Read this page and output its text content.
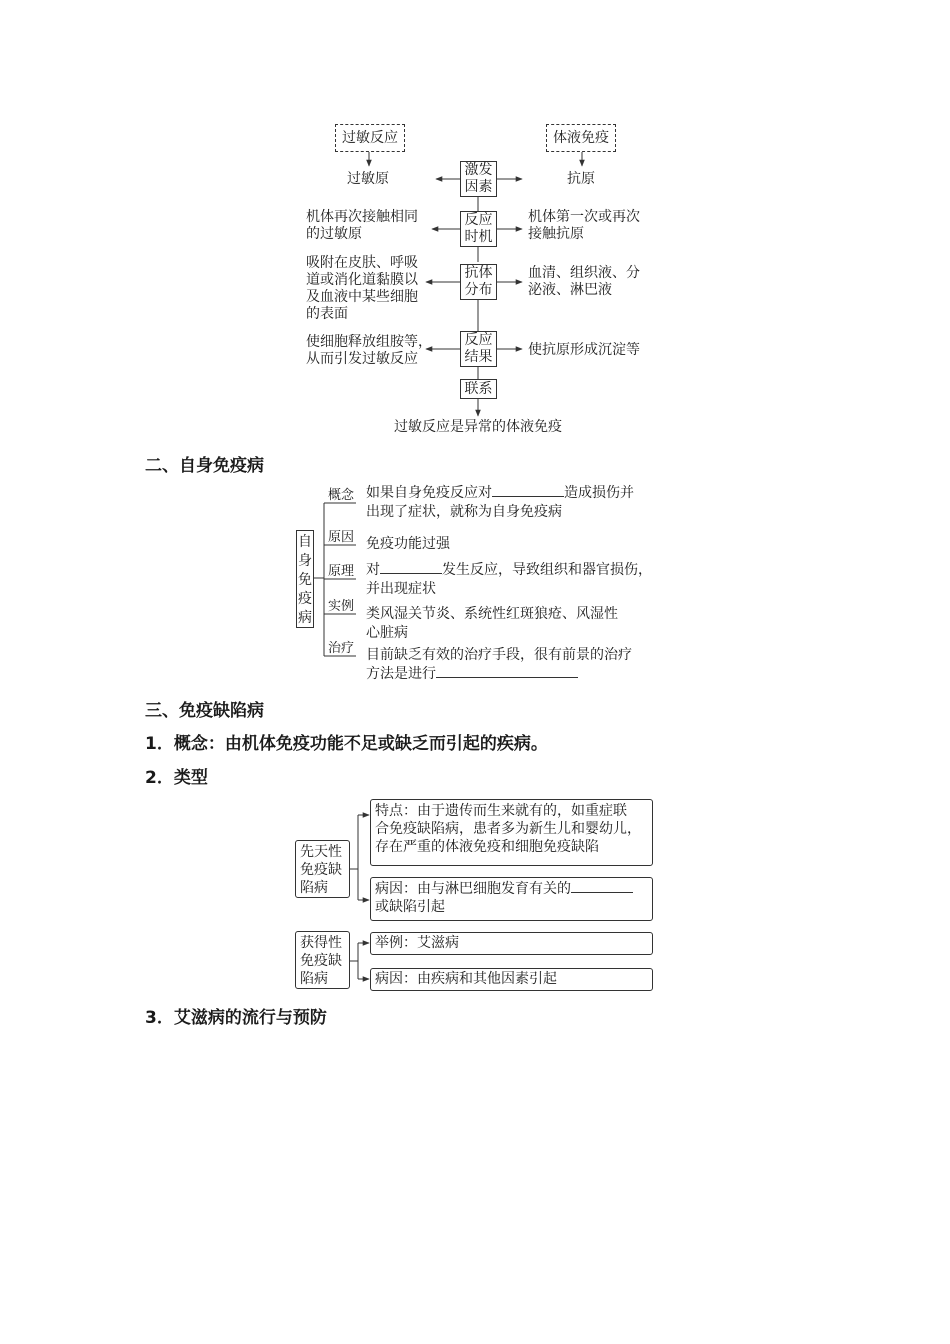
过敏反应	体液免疫
过敏原	抗原
激发
因素
反应
时机
抗体
分布
反应
结果
联系
机体再次接触相同
的过敏原
机体第一次或再次
接触抗原
吸附在皮肤、呼吸
道或消化道黏膜以
及血液中某些细胞
的表面
血清、组织液、分
泌液、淋巴液
使细胞释放组胺等，
从而引发过敏反应
使抗原形成沉淀等
过敏反应是异常的体液免疫
二、自身免疫病
自
身
免
疫
病
概念 如果自身免疫反应对	造成损伤并
出现了症状，就称为自身免疫病
原因 免疫功能过强
原理 对	发生反应，导致组织和器官损伤，
并出现症状
实例 类风湿关节炎、系统性红斑狼疮、风湿性
心脏病
治疗 目前缺乏有效的治疗手段，很有前景的治疗
方法是进行
三、免疫缺陷病
1．概念：由机体免疫功能不足或缺乏而引起的疾病。
2．类型
先天性
免疫缺
陷病
特点：由于遗传而生来就有的，如重症联
合免疫缺陷病，患者多为新生儿和婴幼儿，
存在严重的体液免疫和细胞免疫缺陷
病因：由与淋巴细胞发育有关的
或缺陷引起
获得性
免疫缺
陷病
举例：艾滋病
病因：由疾病和其他因素引起
3．艾滋病的流行与预防
